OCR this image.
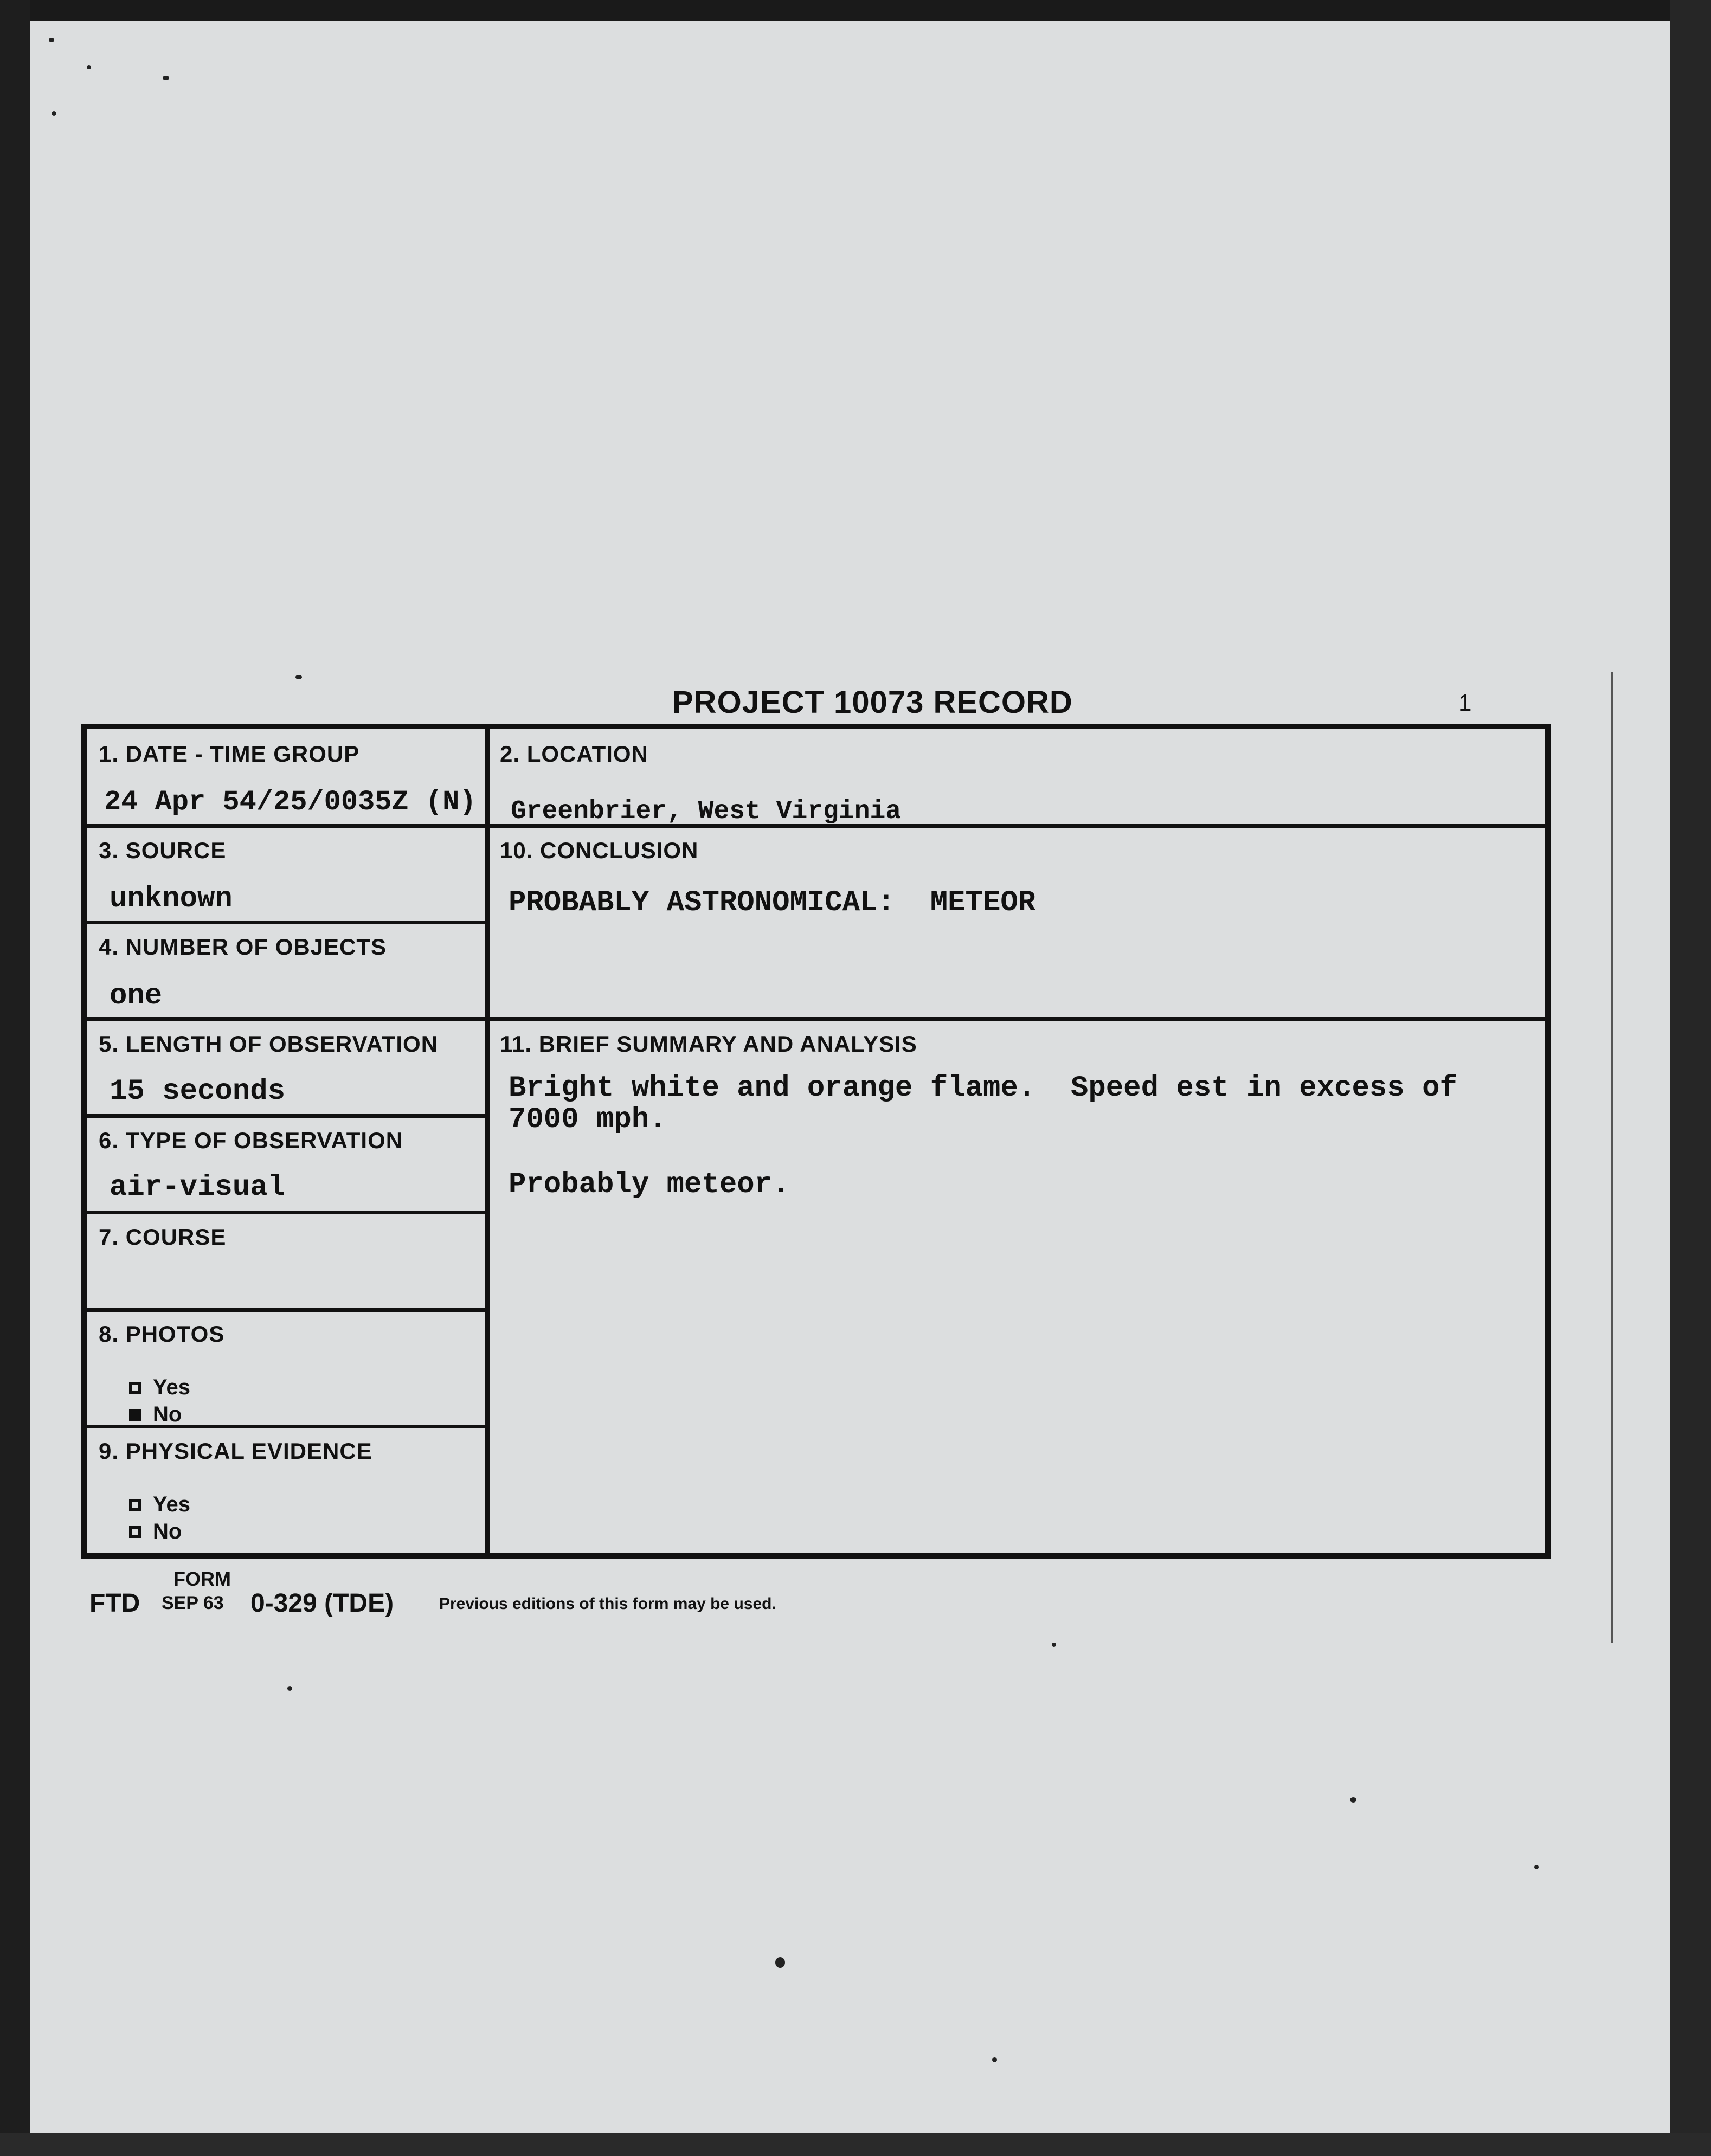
PROJECT 10073 RECORD	1
1. DATE - TIME GROUP
24 Apr 54/25/0035Z (N)
2. LOCATION
Greenbrier, West Virginia
3. SOURCE
unknown
10. CONCLUSION
PROBABLY ASTRONOMICAL:  METEOR
4. NUMBER OF OBJECTS
one
5. LENGTH OF OBSERVATION
15 seconds
11. BRIEF SUMMARY AND ANALYSIS
Bright white and orange flame.  Speed est in excess of
7000 mph.
Probably meteor.
6. TYPE OF OBSERVATION
air-visual
7. COURSE
8. PHOTOS
Yes
No
9. PHYSICAL EVIDENCE
Yes
No
FORM
FTD SEP 63 0-329 (TDE)	Previous editions of this form may be used.
